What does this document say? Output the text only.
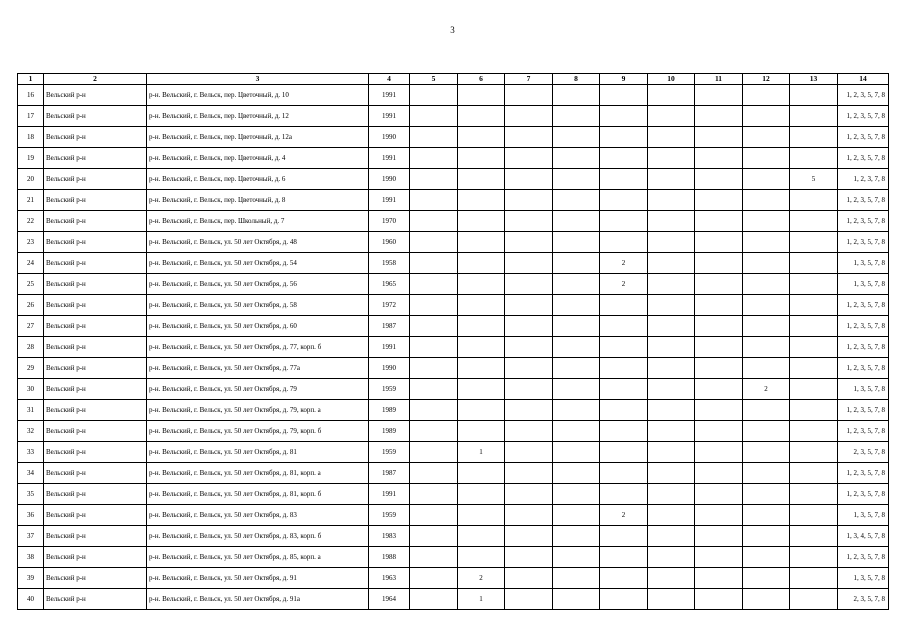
3
1	2	3	4	5	6	7	8	9	10	11	12	13	14
16	Вельский р-н	р-н. Вельский, г. Вельск, пер. Цветочный, д. 10	1991										1, 2, 3, 5, 7, 8
17	Вельский р-н	р-н. Вельский, г. Вельск, пер. Цветочный, д. 12	1991										1, 2, 3, 5, 7, 8
18	Вельский р-н	р-н. Вельский, г. Вельск, пер. Цветочный, д. 12а	1990										1, 2, 3, 5, 7, 8
19	Вельский р-н	р-н. Вельский, г. Вельск, пер. Цветочный, д. 4	1991										1, 2, 3, 5, 7, 8
20	Вельский р-н	р-н. Вельский, г. Вельск, пер. Цветочный, д. 6	1990									5	1, 2, 3, 7, 8
21	Вельский р-н	р-н. Вельский, г. Вельск, пер. Цветочный, д. 8	1991										1, 2, 3, 5, 7, 8
22	Вельский р-н	р-н. Вельский, г. Вельск, пер. Школьный, д. 7	1970										1, 2, 3, 5, 7, 8
23	Вельский р-н	р-н. Вельский, г. Вельск, ул. 50 лет Октября, д. 48	1960										1, 2, 3, 5, 7, 8
24	Вельский р-н	р-н. Вельский, г. Вельск, ул. 50 лет Октября, д. 54	1958					2					1, 3, 5, 7, 8
25	Вельский р-н	р-н. Вельский, г. Вельск, ул. 50 лет Октября, д. 56	1965					2					1, 3, 5, 7, 8
26	Вельский р-н	р-н. Вельский, г. Вельск, ул. 50 лет Октября, д. 58	1972										1, 2, 3, 5, 7, 8
27	Вельский р-н	р-н. Вельский, г. Вельск, ул. 50 лет Октября, д. 60	1987										1, 2, 3, 5, 7, 8
28	Вельский р-н	р-н. Вельский, г. Вельск, ул. 50 лет Октября, д. 77, корп. б	1991										1, 2, 3, 5, 7, 8
29	Вельский р-н	р-н. Вельский, г. Вельск, ул. 50 лет Октября, д. 77а	1990										1, 2, 3, 5, 7, 8
30	Вельский р-н	р-н. Вельский, г. Вельск, ул. 50 лет Октября, д. 79	1959								2		1, 3, 5, 7, 8
31	Вельский р-н	р-н. Вельский, г. Вельск, ул. 50 лет Октября, д. 79, корп. а	1989										1, 2, 3, 5, 7, 8
32	Вельский р-н	р-н. Вельский, г. Вельск, ул. 50 лет Октября, д. 79, корп. б	1989										1, 2, 3, 5, 7, 8
33	Вельский р-н	р-н. Вельский, г. Вельск, ул. 50 лет Октября, д. 81	1959		1								2, 3, 5, 7, 8
34	Вельский р-н	р-н. Вельский, г. Вельск, ул. 50 лет Октября, д. 81, корп. а	1987										1, 2, 3, 5, 7, 8
35	Вельский р-н	р-н. Вельский, г. Вельск, ул. 50 лет Октября, д. 81, корп. б	1991										1, 2, 3, 5, 7, 8
36	Вельский р-н	р-н. Вельский, г. Вельск, ул. 50 лет Октября, д. 83	1959					2					1, 3, 5, 7, 8
37	Вельский р-н	р-н. Вельский, г. Вельск, ул. 50 лет Октября, д. 83, корп. б	1983										1, 3, 4, 5, 7, 8
38	Вельский р-н	р-н. Вельский, г. Вельск, ул. 50 лет Октября, д. 85, корп. а	1988										1, 2, 3, 5, 7, 8
39	Вельский р-н	р-н. Вельский, г. Вельск, ул. 50 лет Октября, д. 91	1963		2								1, 3, 5, 7, 8
40	Вельский р-н	р-н. Вельский, г. Вельск, ул. 50 лет Октября, д. 91а	1964		1								2, 3, 5, 7, 8
